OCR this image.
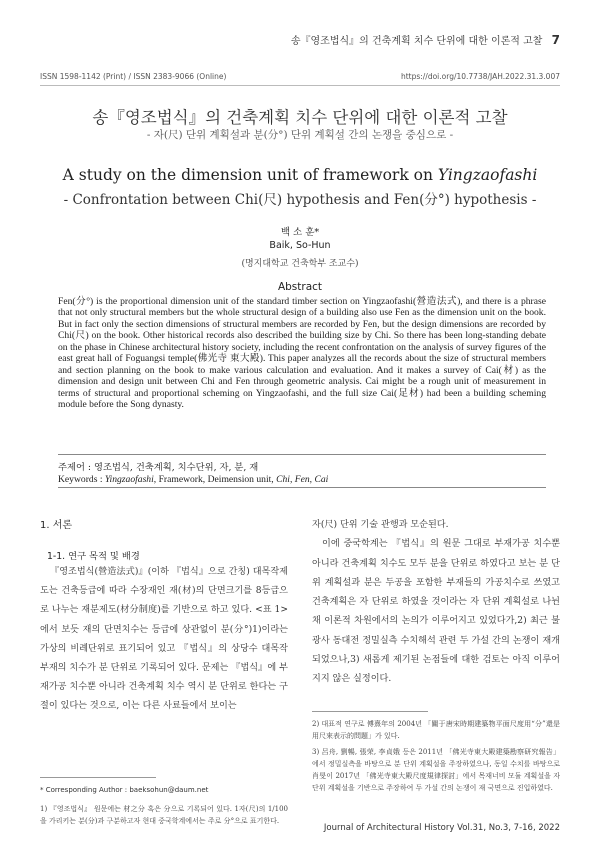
송『영조법식』의 건축계획 치수 단위에 대한 이론적 고찰 7
ISSN 1598-1142 (Print) / ISSN 2383-9066 (Online)	https://doi.org/10.7738/JAH.2022.31.3.007
송『영조법식』의 건축계획 치수 단위에 대한 이론적 고찰
- 자(尺) 단위 계획설과 분(分°) 단위 계획설 간의 논쟁을 중심으로 -
A study on the dimension unit of framework on Yingzaofashi
- Confrontation between Chi(尺) hypothesis and Fen(分°) hypothesis -
백 소 훈*
Baik, So-Hun
(명지대학교 건축학부 조교수)
Abstract
Fen(分°) is the proportional dimension unit of the standard timber section on Yingzaofashi(營造法式), and there is a phrase that not only structural members but the whole structural design of a building also use Fen as the dimension unit on the book. But in fact only the section dimensions of structural members are recorded by Fen, but the design dimensions are recorded by Chi(尺) on the book. Other historical records also described the building size by Chi. So there has been long-standing debate on the phase in Chinese architectural history society, including the recent confrontation on the analysis of survey figures of the east great hall of Foguangsi temple(佛光寺 東大殿). This paper analyzes all the records about the size of structural members and section planning on the book to make various calculation and evaluation. And it makes a survey of Cai(材) as the dimension and design unit between Chi and Fen through geometric analysis. Cai might be a rough unit of measurement in terms of structural and proportional scheming on Yingzaofashi, and the full size Cai(足材) had been a building scheming module before the Song dynasty.
주제어 : 영조법식, 건축계획, 치수단위, 자, 분, 재
Keywords : Yingzaofashi, Framework, Deimension unit, Chi, Fen, Cai
1. 서론
1-1. 연구 목적 및 배경

『영조법식(營造法式)』(이하 『법식』으로 간칭) 대목작제도는 건축등급에 따라 수장재인 재(材)의 단면크기를 8등급으로 나누는 재분제도(材分制度)를 기반으로 하고 있다. <표 1>에서 보듯 재의 단면치수는 등급에 상관없이 분(分°)1)이라는 가상의 비례단위로 표기되어 있고 『법식』의 상당수 대목작 부재의 치수가 분 단위로 기록되어 있다. 문제는 『법식』에 부재가공 치수뿐 아니라 건축계획 치수 역시 분 단위로 한다는 구절이 있다는 것으로, 이는 다른 사료들에서 보이는

자(尺) 단위 기술 관행과 모순된다.

이에 중국학계는 『법식』의 원문 그대로 부재가공 치수뿐 아니라 건축계획 치수도 모두 분을 단위로 하였다고 보는 분 단위 계획설과 분은 두공을 포함한 부재들의 가공치수로 쓰였고 건축계획은 자 단위로 하였을 것이라는 자 단위 계획설로 나뉜 채 이론적 차원에서의 논의가 이루어지고 있었다가,2) 최근 불광사 동대전 정밀실측 수치해석 관련 두 가설 간의 논쟁이 재개되었으나,3) 새롭게 제기된 논점들에 대한 검토는 아직 이루어지지 않은 실정이다.

* Corresponding Author : baeksohun@daum.net
1) 『영조법식』 원문에는 材之分 혹은 分으로 기록되어 있다. 1자(尺)의 1/100을 가리키는 분(分)과 구분하고자 현대 중국학계에서는 주로 分°으로 표기한다.
2) 대표적 연구로 傅熹年의 2004년 「關于唐宋時期建築物平面尺度用“分”還是用尺來表示的問題」가 있다.
3) 呂舟, 劉暢, 張荣, 李貞娥 등은 2011년 「佛光寺東大殿建築勘察研究報告」에서 정밀실측을 바탕으로 분 단위 계획설을 주장하였으나, 동일 수치를 바탕으로 肖旻이 2017년 「佛光寺東大殿尺度規律探討」에서 목재너비 모듈 계획설을 자 단위 계획설을 기반으로 주장하여 두 가설 간의 논쟁이 재 국면으로 진입하였다.
Journal of Architectural History Vol.31, No.3, 7-16, 2022
